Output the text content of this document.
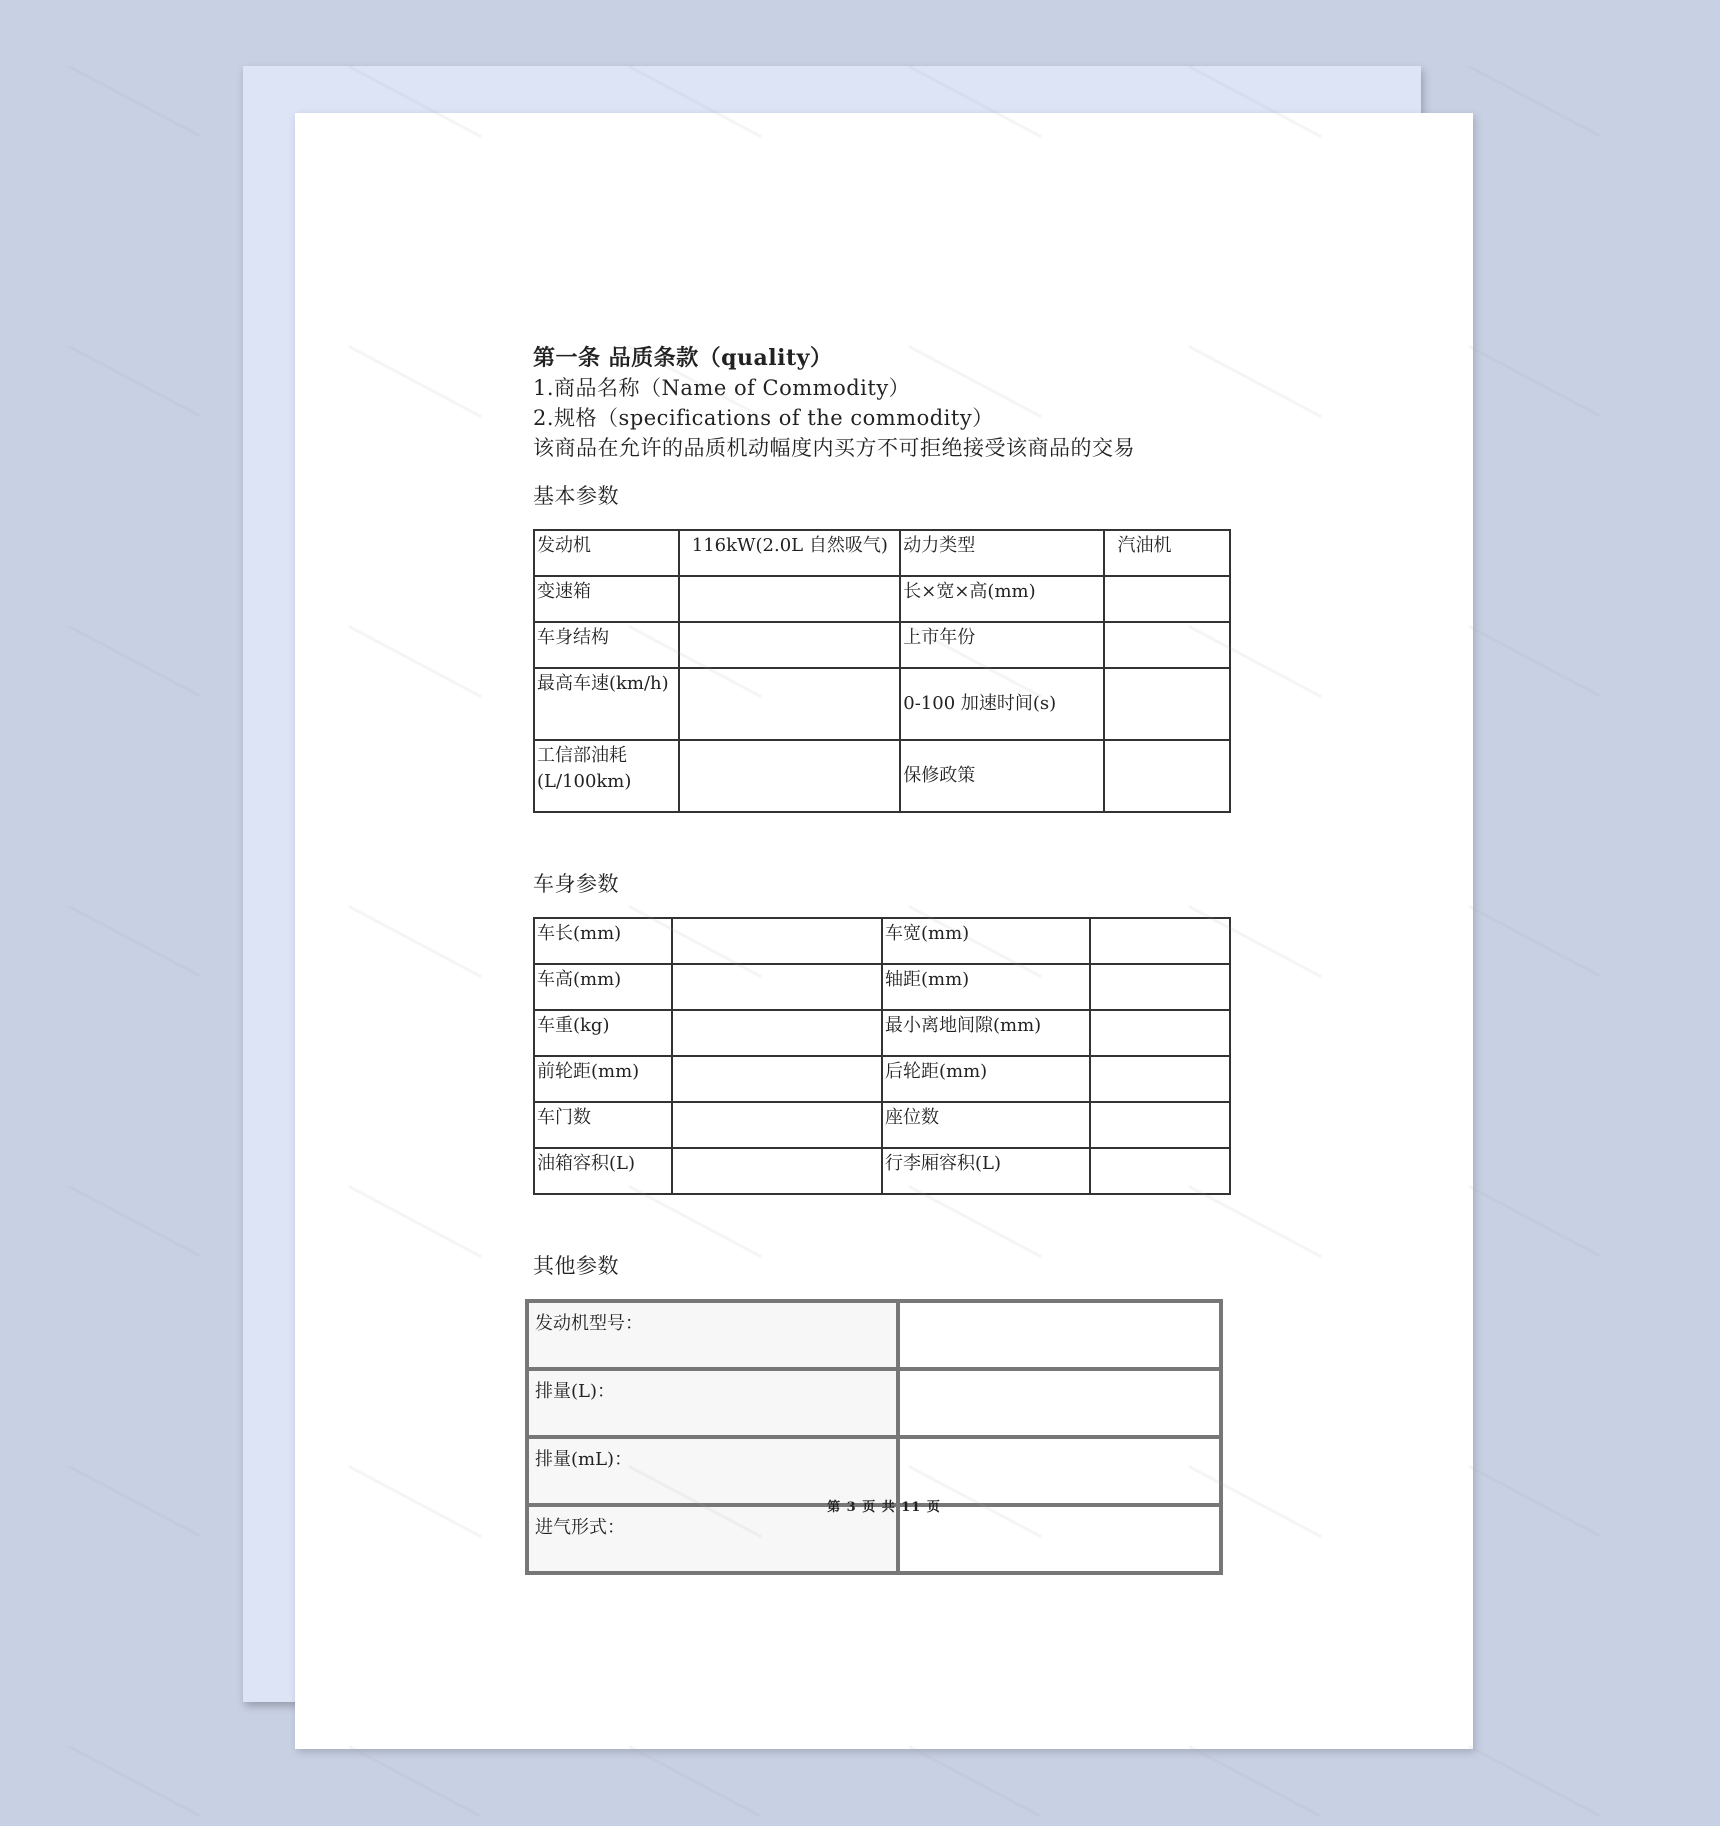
第一条 品质条款（quality）
1.商品名称（Name of Commodity）
2.规格（specifications of the commodity）
该商品在允许的品质机动幅度内买方不可拒绝接受该商品的交易
基本参数
发动机	116kW(2.0L 自然吸气)	动力类型	汽油机
变速箱		长×宽×高(mm)	
车身结构		上市年份	
最高车速(km/h)		0-100 加速时间(s)	
工信部油耗(L/100km)		保修政策	
车身参数
车长(mm)		车宽(mm)	
车高(mm)		轴距(mm)	
车重(kg)		最小离地间隙(mm)	
前轮距(mm)		后轮距(mm)	
车门数		座位数	
油箱容积(L)		行李厢容积(L)	
其他参数
发动机型号：	
排量(L)：	
排量(mL)：	
进气形式：	
第 3 页 共 11 页
